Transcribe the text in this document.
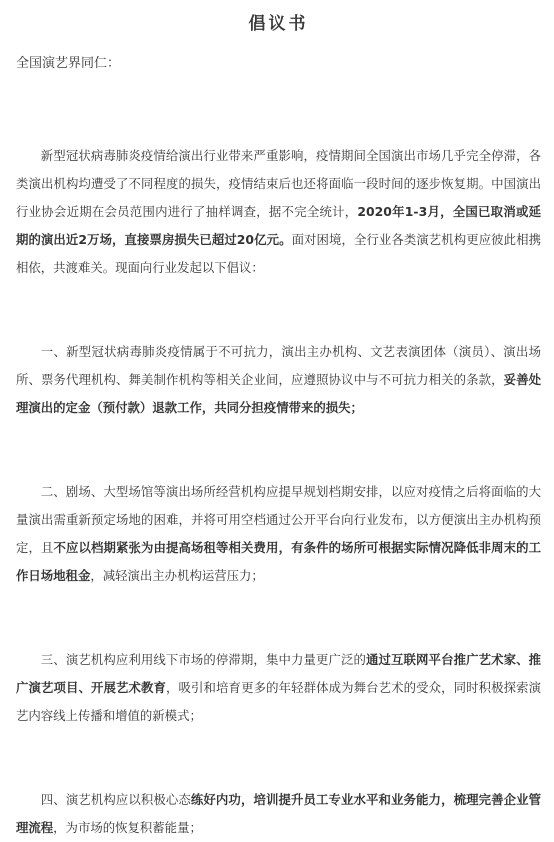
倡议书
全国演艺界同仁：

新型冠状病毒肺炎疫情给演出行业带来严重影响，疫情期间全国演出市场几乎完全停滞，各类演出机构均遭受了不同程度的损失，疫情结束后也还将面临一段时间的逐步恢复期。中国演出行业协会近期在会员范围内进行了抽样调查，据不完全统计，2020年1-3月，全国已取消或延期的演出近2万场，直接票房损失已超过20亿元。面对困境，全行业各类演艺机构更应彼此相携相依，共渡难关。现面向行业发起以下倡议：

一、新型冠状病毒肺炎疫情属于不可抗力，演出主办机构、文艺表演团体（演员）、演出场所、票务代理机构、舞美制作机构等相关企业间，应遵照协议中与不可抗力相关的条款，妥善处理演出的定金（预付款）退款工作，共同分担疫情带来的损失；

二、剧场、大型场馆等演出场所经营机构应提早规划档期安排，以应对疫情之后将面临的大量演出需重新预定场地的困难，并将可用空档通过公开平台向行业发布，以方便演出主办机构预定，且不应以档期紧张为由提高场租等相关费用，有条件的场所可根据实际情况降低非周末的工作日场地租金，减轻演出主办机构运营压力；

三、演艺机构应利用线下市场的停滞期，集中力量更广泛的通过互联网平台推广艺术家、推广演艺项目、开展艺术教育，吸引和培育更多的年轻群体成为舞台艺术的受众，同时积极探索演艺内容线上传播和增值的新模式；

四、演艺机构应以积极心态练好内功，培训提升员工专业水平和业务能力，梳理完善企业管理流程，为市场的恢复积蓄能量；
